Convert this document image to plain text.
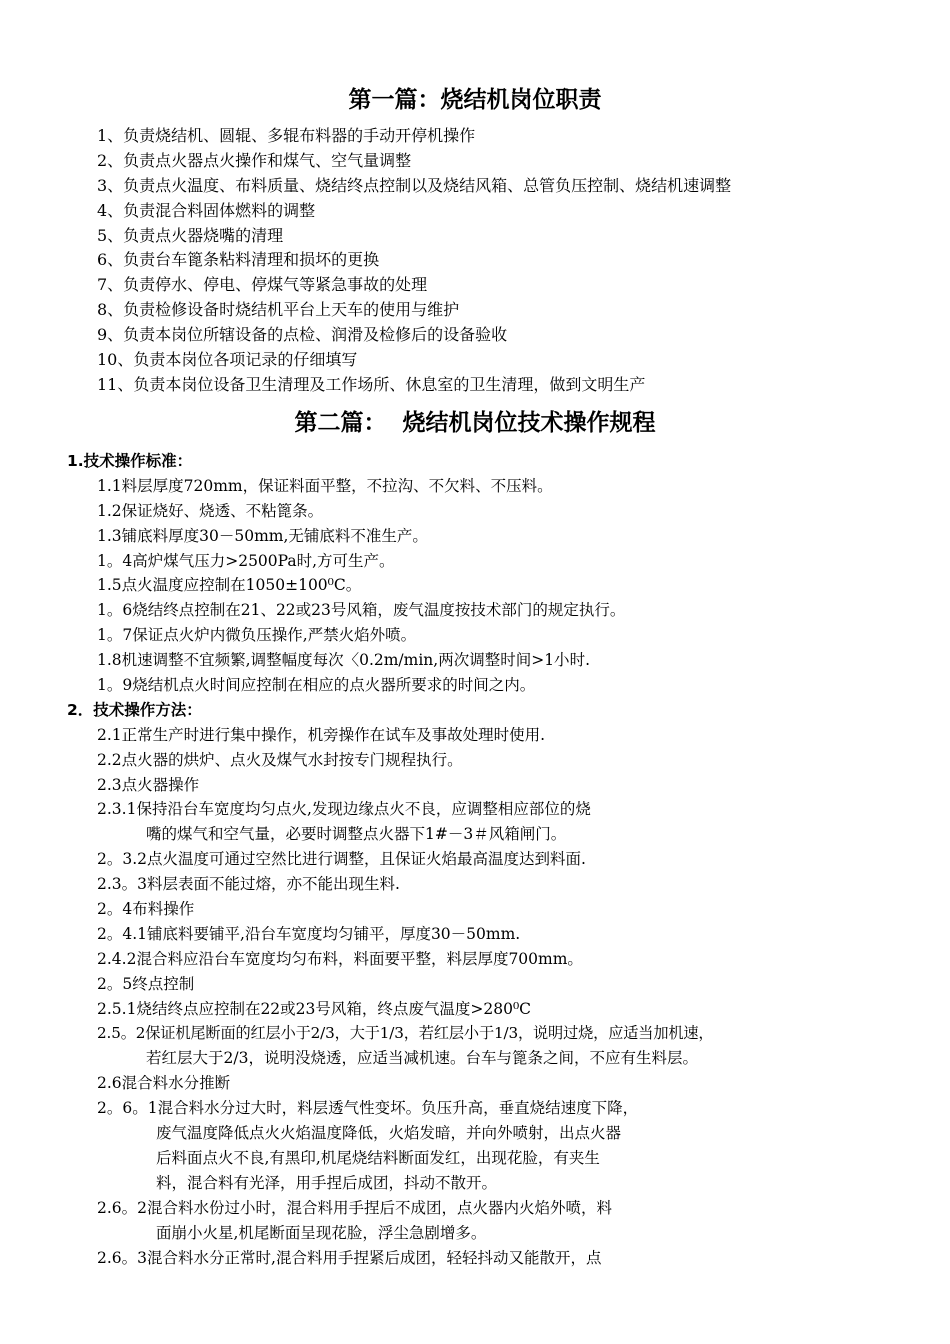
第一篇：烧结机岗位职责
1、负责烧结机、圆辊、多辊布料器的手动开停机操作
2、负责点火器点火操作和煤气、空气量调整
3、负责点火温度、布料质量、烧结终点控制以及烧结风箱、总管负压控制、烧结机速调整
4、负责混合料固体燃料的调整
5、负责点火器烧嘴的清理
6、负责台车篦条粘料清理和损坏的更换
7、负责停水、停电、停煤气等紧急事故的处理
8、负责检修设备时烧结机平台上天车的使用与维护
9、负责本岗位所辖设备的点检、润滑及检修后的设备验收
10、负责本岗位各项记录的仔细填写
11、负责本岗位设备卫生清理及工作场所、休息室的卫生清理，做到文明生产
第二篇：  烧结机岗位技术操作规程
1.技术操作标准：
1.1料层厚度720mm，保证料面平整，不拉沟、不欠料、不压料。
1.2保证烧好、烧透、不粘篦条。
1.3铺底料厚度30－50mm,无铺底料不准生产。
1。4高炉煤气压力>2500Pa时,方可生产。
1.5点火温度应控制在1050±100⁰C。
1。6烧结终点控制在21、22或23号风箱，废气温度按技术部门的规定执行。
1。7保证点火炉内微负压操作,严禁火焰外喷。
1.8机速调整不宜频繁,调整幅度每次〈0.2m/min,两次调整时间>1小时.
1。9烧结机点火时间应控制在相应的点火器所要求的时间之内。
2．技术操作方法：
2.1正常生产时进行集中操作，机旁操作在试车及事故处理时使用.
2.2点火器的烘炉、点火及煤气水封按专门规程执行。
2.3点火器操作
2.3.1保持沿台车宽度均匀点火,发现边缘点火不良，应调整相应部位的烧
嘴的煤气和空气量，必要时调整点火器下1#－3＃风箱闸门。
2。3.2点火温度可通过空然比进行调整，且保证火焰最高温度达到料面.
2.3。3料层表面不能过熔，亦不能出现生料.
2。4布料操作
2。4.1铺底料要铺平,沿台车宽度均匀铺平，厚度30－50mm.
2.4.2混合料应沿台车宽度均匀布料，料面要平整，料层厚度700mm。
2。5终点控制
2.5.1烧结终点应控制在22或23号风箱，终点废气温度>280⁰C
2.5。2保证机尾断面的红层小于2/3，大于1/3，若红层小于1/3，说明过烧，应适当加机速，
若红层大于2/3，说明没烧透，应适当减机速。台车与篦条之间，不应有生料层。
2.6混合料水分推断
2。6。1混合料水分过大时，料层透气性变坏。负压升高，垂直烧结速度下降，
废气温度降低点火火焰温度降低，火焰发暗，并向外喷射，出点火器
后料面点火不良,有黑印,机尾烧结料断面发红，出现花脸，有夹生
料，混合料有光泽，用手捏后成团，抖动不散开。
2.6。2混合料水份过小时，混合料用手捏后不成团，点火器内火焰外喷，料
面崩小火星,机尾断面呈现花脸，浮尘急剧增多。
2.6。3混合料水分正常时,混合料用手捏紧后成团，轻轻抖动又能散开，点
